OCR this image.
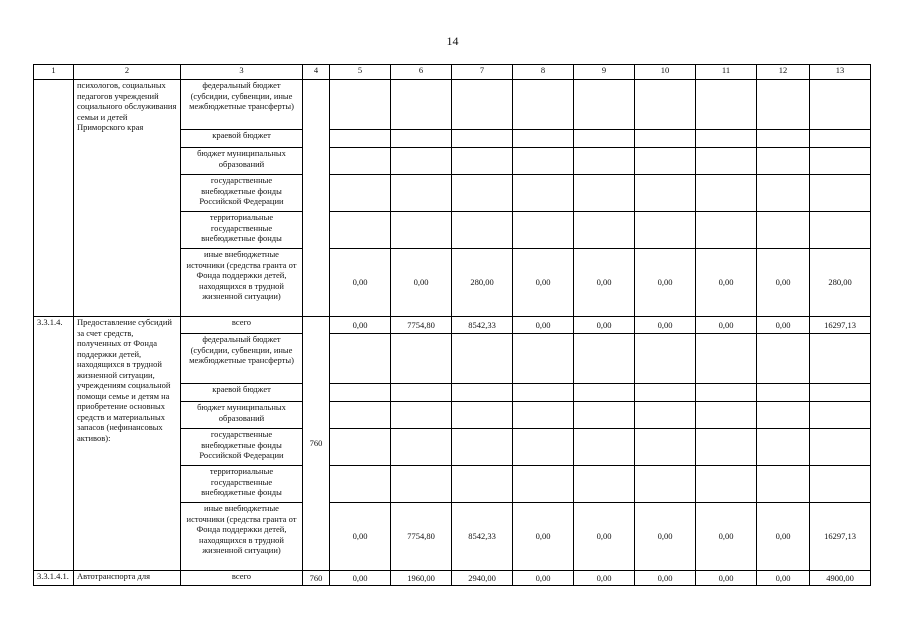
14
1	2	3	4	5	6	7	8	9	10	11	12	13
	психологов, социальных педагогов учреждений социального обслуживания семьи и детей Приморского края	федеральный бюджет (субсидии, субвенции, иные межбюджетные трансферты)										
		краевой бюджет										
		бюджет муниципальных образований										
		государственные внебюджетные фонды Российской Федерации										
		территориальные государственные внебюджетные фонды										
		иные внебюджетные источники (средства гранта от Фонда поддержки детей, находящихся в трудной жизненной ситуации)		0,00	0,00	280,00	0,00	0,00	0,00	0,00	0,00	280,00
3.3.1.4.	Предоставление субсидий за счет средств, полученных от Фонда поддержки детей, находящихся в трудной жизненной ситуации, учреждениям социальной помощи семье и детям на приобретение основных средств и материальных запасов (нефинансовых активов):	всего	760	0,00	7754,80	8542,33	0,00	0,00	0,00	0,00	0,00	16297,13
		федеральный бюджет (субсидии, субвенции, иные межбюджетные трансферты)										
		краевой бюджет										
		бюджет муниципальных образований										
		государственные внебюджетные фонды Российской Федерации										
		территориальные государственные внебюджетные фонды										
		иные внебюджетные источники (средства гранта от Фонда поддержки детей, находящихся в трудной жизненной ситуации)		0,00	7754,80	8542,33	0,00	0,00	0,00	0,00	0,00	16297,13
3.3.1.4.1.	Автотранспорта для	всего	760	0,00	1960,00	2940,00	0,00	0,00	0,00	0,00	0,00	4900,00
